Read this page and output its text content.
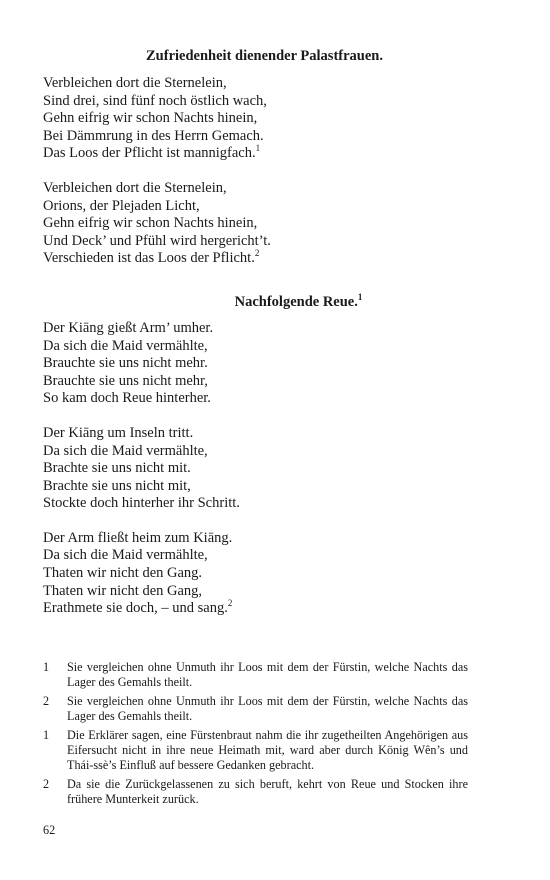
Zufriedenheit dienender Palastfrauen.
Verbleichen dort die Sternelein,
Sind drei, sind fünf noch östlich wach,
Gehn eifrig wir schon Nachts hinein,
Bei Dämmrung in des Herrn Gemach.
Das Loos der Pflicht ist mannigfach.$^1$
Verbleichen dort die Sternelein,
Orions, der Plejaden Licht,
Gehn eifrig wir schon Nachts hinein,
Und Deck’ und Pfühl wird hergericht’t.
Verschieden ist das Loos der Pflicht.$^2$
Nachfolgende Reue.$^1$
Der Kiāng gießt Arm’ umher.
Da sich die Maid vermählte,
Brauchte sie uns nicht mehr.
Brauchte sie uns nicht mehr,
So kam doch Reue hinterher.
Der Kiāng um Inseln tritt.
Da sich die Maid vermählte,
Brachte sie uns nicht mit.
Brachte sie uns nicht mit,
Stockte doch hinterher ihr Schritt.
Der Arm fließt heim zum Kiāng.
Da sich die Maid vermählte,
Thaten wir nicht den Gang.
Thaten wir nicht den Gang,
Erathmete sie doch, – und sang.$^2$
1	Sie vergleichen ohne Unmuth ihr Loos mit dem der Fürstin, welche Nachts das Lager des Gemahls theilt.
2	Sie vergleichen ohne Unmuth ihr Loos mit dem der Fürstin, welche Nachts das Lager des Gemahls theilt.
1	Die Erklärer sagen, eine Fürstenbraut nahm die ihr zugetheilten Angehörigen aus Eifersucht nicht in ihre neue Heimath mit, ward aber durch König Wên’s und Thái-ssè’s Einfluß auf bessere Gedanken gebracht.
2	Da sie die Zurückgelassenen zu sich beruft, kehrt von Reue und Stocken ihre frühere Munterkeit zurück.
62
